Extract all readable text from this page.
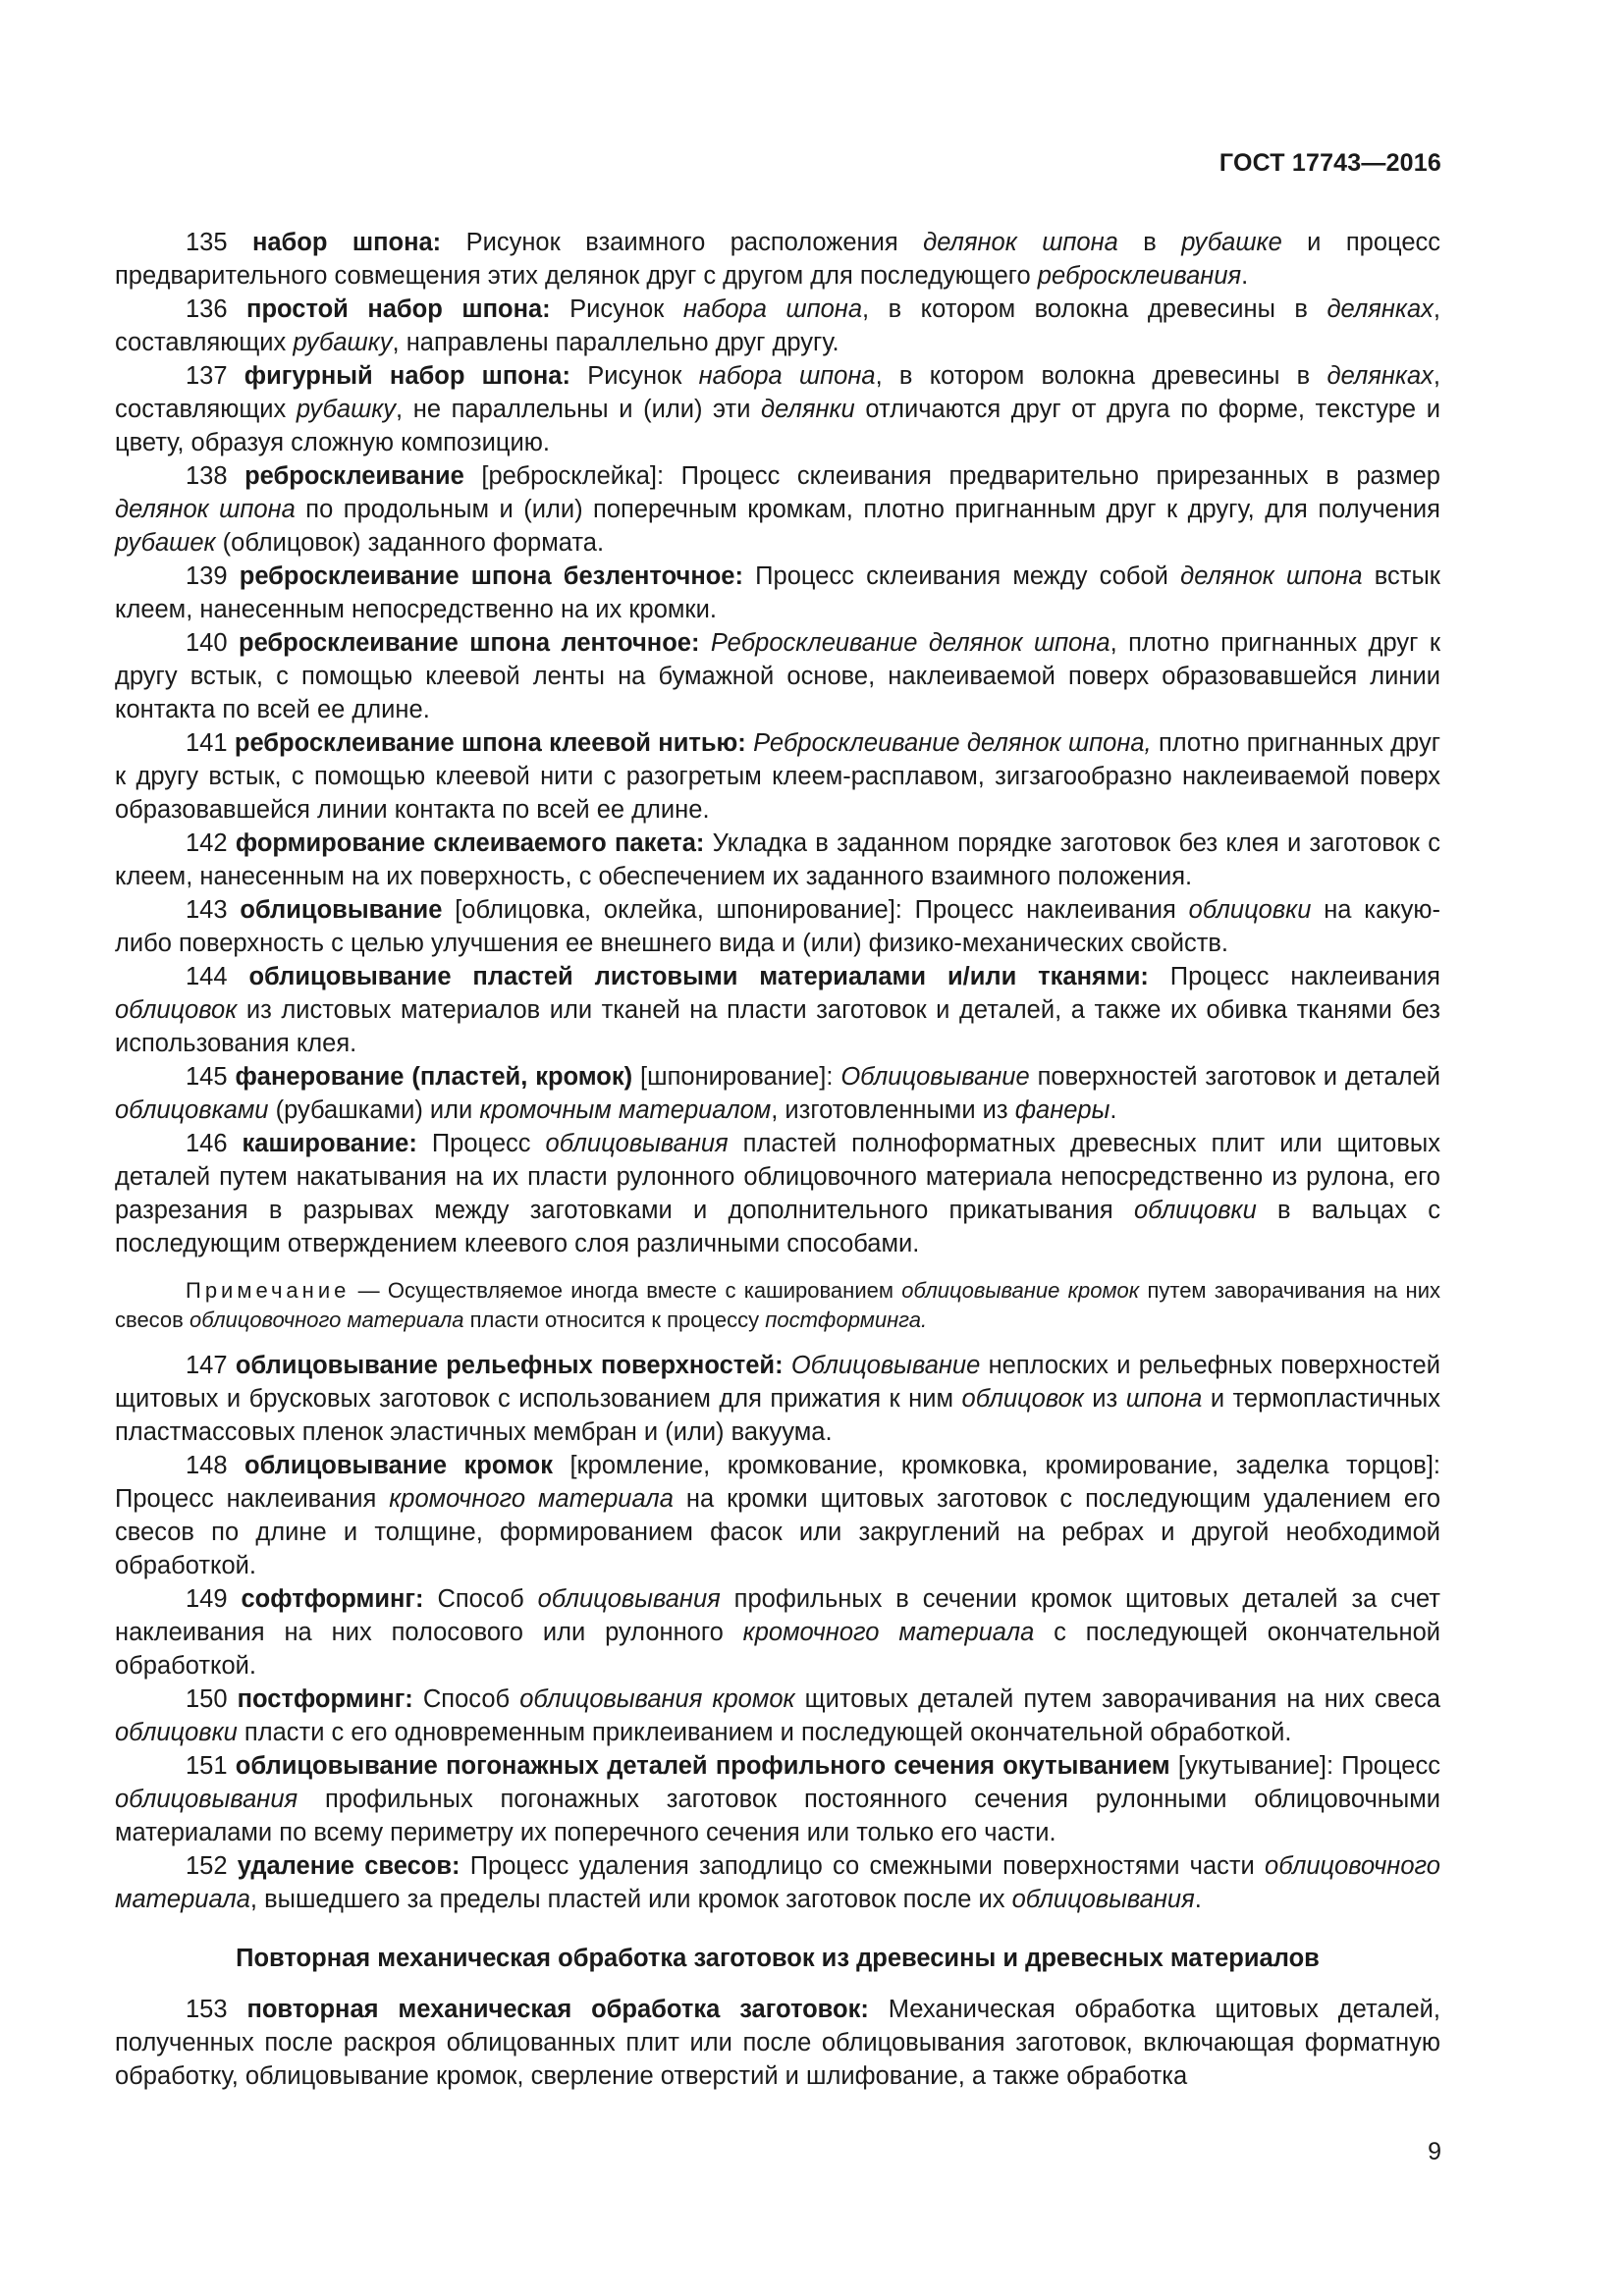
ГОСТ 17743—2016

135 набор шпона: Рисунок взаимного расположения делянок шпона в рубашке и процесс предварительного совмещения этих делянок друг с другом для последующего ребросклеивания.

136 простой набор шпона: Рисунок набора шпона, в котором волокна древесины в делянках, составляющих рубашку, направлены параллельно друг другу.

137 фигурный набор шпона: Рисунок набора шпона, в котором волокна древесины в делянках, составляющих рубашку, не параллельны и (или) эти делянки отличаются друг от друга по форме, текстуре и цвету, образуя сложную композицию.

138 ребросклеивание [ребросклейка]: Процесс склеивания предварительно прирезанных в размер делянок шпона по продольным и (или) поперечным кромкам, плотно пригнанным друг к другу, для получения рубашек (облицовок) заданного формата.

139 ребросклеивание шпона безленточное: Процесс склеивания между собой делянок шпона встык клеем, нанесенным непосредственно на их кромки.

140 ребросклеивание шпона ленточное: Ребросклеивание делянок шпона, плотно пригнанных друг к другу встык, с помощью клеевой ленты на бумажной основе, наклеиваемой поверх образовавшейся линии контакта по всей ее длине.

141 ребросклеивание шпона клеевой нитью: Ребросклеивание делянок шпона, плотно пригнанных друг к другу встык, с помощью клеевой нити с разогретым клеем-расплавом, зигзагообразно наклеиваемой поверх образовавшейся линии контакта по всей ее длине.

142 формирование склеиваемого пакета: Укладка в заданном порядке заготовок без клея и заготовок с клеем, нанесенным на их поверхность, с обеспечением их заданного взаимного положения.

143 облицовывание [облицовка, оклейка, шпонирование]: Процесс наклеивания облицовки на какую-либо поверхность с целью улучшения ее внешнего вида и (или) физико-механических свойств.

144 облицовывание пластей листовыми материалами и/или тканями: Процесс наклеивания облицовок из листовых материалов или тканей на пласти заготовок и деталей, а также их обивка тканями без использования клея.

145 фанерование (пластей, кромок) [шпонирование]: Облицовывание поверхностей заготовок и деталей облицовками (рубашками) или кромочным материалом, изготовленными из фанеры.

146 каширование: Процесс облицовывания пластей полноформатных древесных плит или щитовых деталей путем накатывания на их пласти рулонного облицовочного материала непосредственно из рулона, его разрезания в разрывах между заготовками и дополнительного прикатывания облицовки в вальцах с последующим отверждением клеевого слоя различными способами.

Примечание — Осуществляемое иногда вместе с кашированием облицовывание кромок путем заворачивания на них свесов облицовочного материала пласти относится к процессу постформинга.

147 облицовывание рельефных поверхностей: Облицовывание неплоских и рельефных поверхностей щитовых и брусковых заготовок с использованием для прижатия к ним облицовок из шпона и термопластичных пластмассовых пленок эластичных мембран и (или) вакуума.

148 облицовывание кромок [кромление, кромкование, кромковка, кромирование, заделка торцов]: Процесс наклеивания кромочного материала на кромки щитовых заготовок с последующим удалением его свесов по длине и толщине, формированием фасок или закруглений на ребрах и другой необходимой обработкой.

149 софтформинг: Способ облицовывания профильных в сечении кромок щитовых деталей за счет наклеивания на них полосового или рулонного кромочного материала с последующей окончательной обработкой.

150 постформинг: Способ облицовывания кромок щитовых деталей путем заворачивания на них свеса облицовки пласти с его одновременным приклеиванием и последующей окончательной обработкой.

151 облицовывание погонажных деталей профильного сечения окутыванием [укутывание]: Процесс облицовывания профильных погонажных заготовок постоянного сечения рулонными облицовочными материалами по всему периметру их поперечного сечения или только его части.

152 удаление свесов: Процесс удаления заподлицо со смежными поверхностями части облицовочного материала, вышедшего за пределы пластей или кромок заготовок после их облицовывания.

Повторная механическая обработка заготовок из древесины и древесных материалов

153 повторная механическая обработка заготовок: Механическая обработка щитовых деталей, полученных после раскроя облицованных плит или после облицовывания заготовок, включающая форматную обработку, облицовывание кромок, сверление отверстий и шлифование, а также обработка

9
